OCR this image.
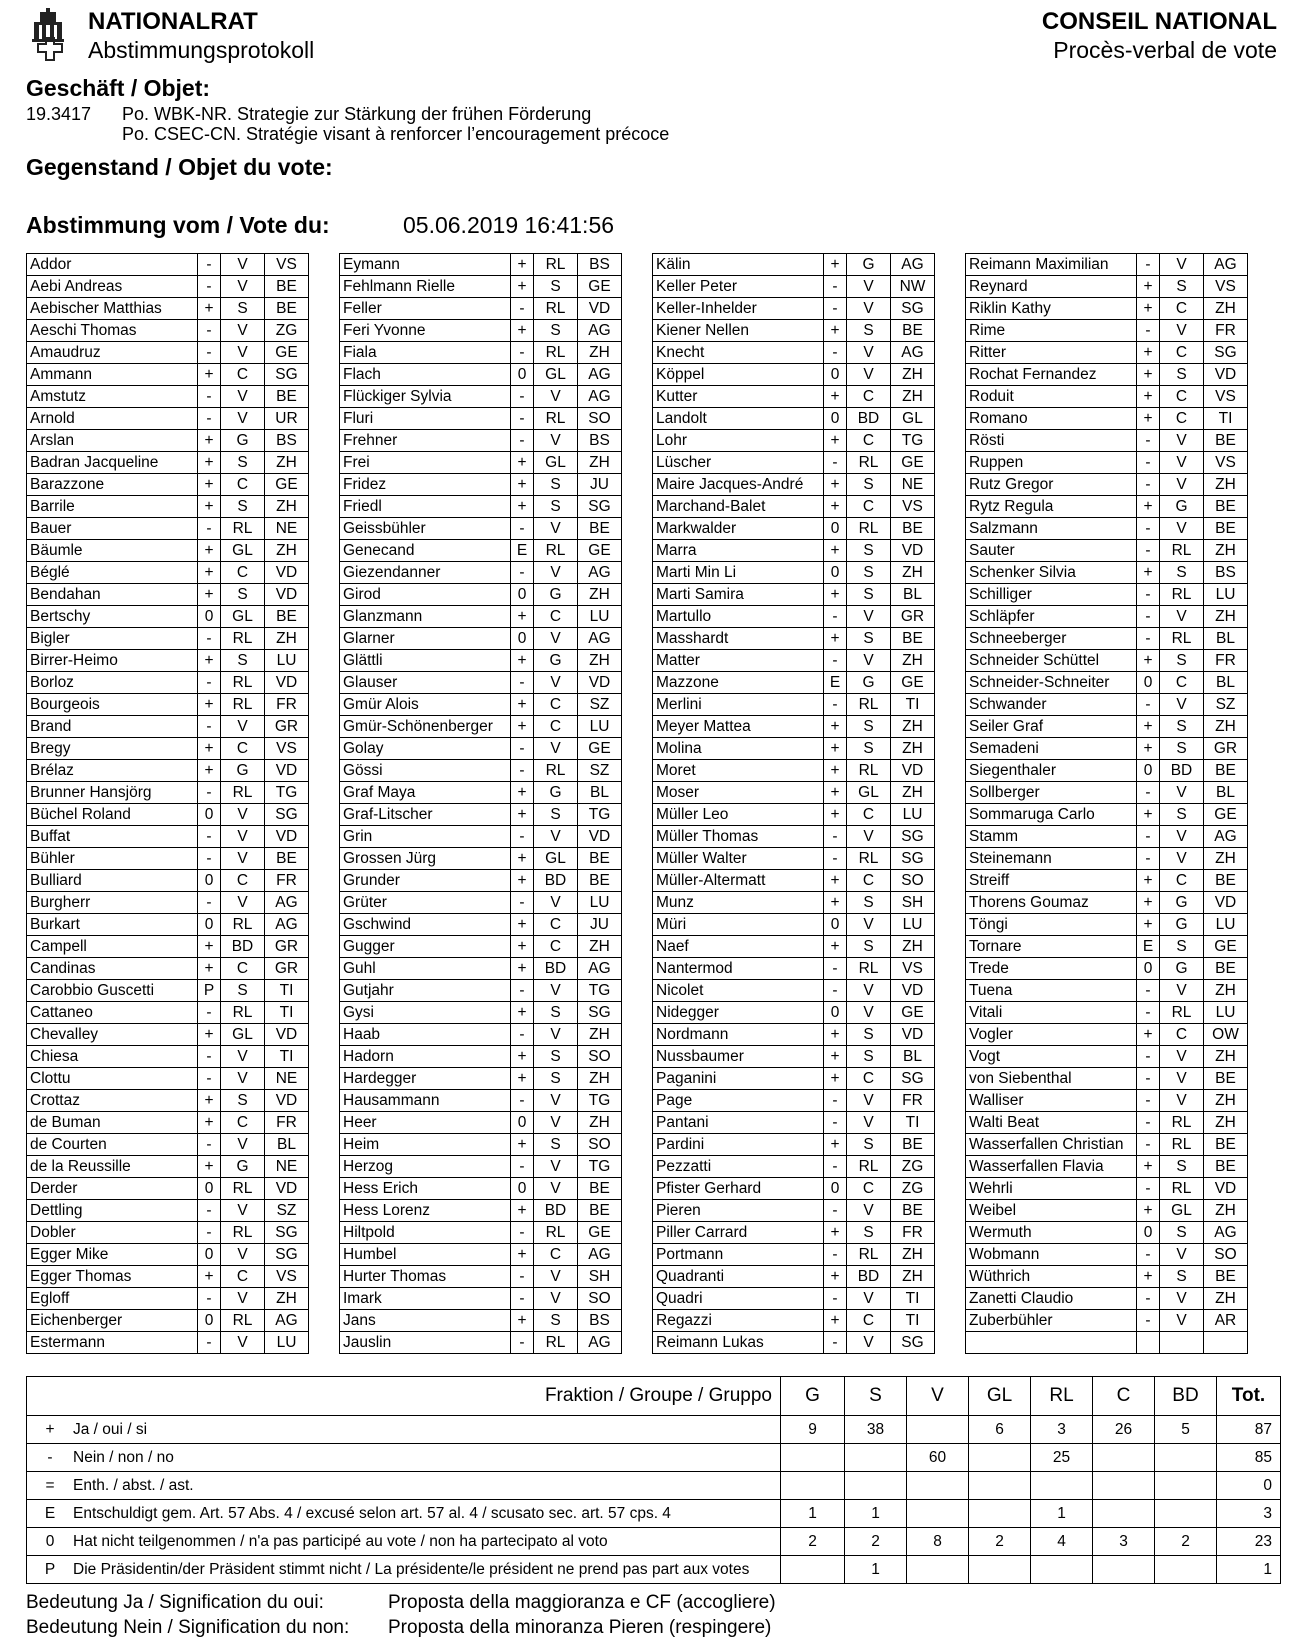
NATIONALRAT
Abstimmungsprotokoll
CONSEIL NATIONAL
Procès-verbal de vote
Geschäft / Objet:
19.3417 Po. WBK-NR. Strategie zur Stärkung der frühen Förderung
Po. CSEC-CN. Stratégie visant à renforcer l’encouragement précoce
Gegenstand / Objet du vote:
Abstimmung vom / Vote du:	05.06.2019 16:41:56
Addor	-	V	VS
Aebi Andreas	-	V	BE
Aebischer Matthias	+	S	BE
Aeschi Thomas	-	V	ZG
Amaudruz	-	V	GE
Ammann	+	C	SG
Amstutz	-	V	BE
Arnold	-	V	UR
Arslan	+	G	BS
Badran Jacqueline	+	S	ZH
Barazzone	+	C	GE
Barrile	+	S	ZH
Bauer	-	RL	NE
Bäumle	+	GL	ZH
Béglé	+	C	VD
Bendahan	+	S	VD
Bertschy	0	GL	BE
Bigler	-	RL	ZH
Birrer-Heimo	+	S	LU
Borloz	-	RL	VD
Bourgeois	+	RL	FR
Brand	-	V	GR
Bregy	+	C	VS
Brélaz	+	G	VD
Brunner Hansjörg	-	RL	TG
Büchel Roland	0	V	SG
Buffat	-	V	VD
Bühler	-	V	BE
Bulliard	0	C	FR
Burgherr	-	V	AG
Burkart	0	RL	AG
Campell	+	BD	GR
Candinas	+	C	GR
Carobbio Guscetti	P	S	TI
Cattaneo	-	RL	TI
Chevalley	+	GL	VD
Chiesa	-	V	TI
Clottu	-	V	NE
Crottaz	+	S	VD
de Buman	+	C	FR
de Courten	-	V	BL
de la Reussille	+	G	NE
Derder	0	RL	VD
Dettling	-	V	SZ
Dobler	-	RL	SG
Egger Mike	0	V	SG
Egger Thomas	+	C	VS
Egloff	-	V	ZH
Eichenberger	0	RL	AG
Estermann	-	V	LU
Eymann	+	RL	BS
Fehlmann Rielle	+	S	GE
Feller	-	RL	VD
Feri Yvonne	+	S	AG
Fiala	-	RL	ZH
Flach	0	GL	AG
Flückiger Sylvia	-	V	AG
Fluri	-	RL	SO
Frehner	-	V	BS
Frei	+	GL	ZH
Fridez	+	S	JU
Friedl	+	S	SG
Geissbühler	-	V	BE
Genecand	E	RL	GE
Giezendanner	-	V	AG
Girod	0	G	ZH
Glanzmann	+	C	LU
Glarner	0	V	AG
Glättli	+	G	ZH
Glauser	-	V	VD
Gmür Alois	+	C	SZ
Gmür-Schönenberger	+	C	LU
Golay	-	V	GE
Gössi	-	RL	SZ
Graf Maya	+	G	BL
Graf-Litscher	+	S	TG
Grin	-	V	VD
Grossen Jürg	+	GL	BE
Grunder	+	BD	BE
Grüter	-	V	LU
Gschwind	+	C	JU
Gugger	+	C	ZH
Guhl	+	BD	AG
Gutjahr	-	V	TG
Gysi	+	S	SG
Haab	-	V	ZH
Hadorn	+	S	SO
Hardegger	+	S	ZH
Hausammann	-	V	TG
Heer	0	V	ZH
Heim	+	S	SO
Herzog	-	V	TG
Hess Erich	0	V	BE
Hess Lorenz	+	BD	BE
Hiltpold	-	RL	GE
Humbel	+	C	AG
Hurter Thomas	-	V	SH
Imark	-	V	SO
Jans	+	S	BS
Jauslin	-	RL	AG
Kälin	+	G	AG
Keller Peter	-	V	NW
Keller-Inhelder	-	V	SG
Kiener Nellen	+	S	BE
Knecht	-	V	AG
Köppel	0	V	ZH
Kutter	+	C	ZH
Landolt	0	BD	GL
Lohr	+	C	TG
Lüscher	-	RL	GE
Maire Jacques-André	+	S	NE
Marchand-Balet	+	C	VS
Markwalder	0	RL	BE
Marra	+	S	VD
Marti Min Li	0	S	ZH
Marti Samira	+	S	BL
Martullo	-	V	GR
Masshardt	+	S	BE
Matter	-	V	ZH
Mazzone	E	G	GE
Merlini	-	RL	TI
Meyer Mattea	+	S	ZH
Molina	+	S	ZH
Moret	+	RL	VD
Moser	+	GL	ZH
Müller Leo	+	C	LU
Müller Thomas	-	V	SG
Müller Walter	-	RL	SG
Müller-Altermatt	+	C	SO
Munz	+	S	SH
Müri	0	V	LU
Naef	+	S	ZH
Nantermod	-	RL	VS
Nicolet	-	V	VD
Nidegger	0	V	GE
Nordmann	+	S	VD
Nussbaumer	+	S	BL
Paganini	+	C	SG
Page	-	V	FR
Pantani	-	V	TI
Pardini	+	S	BE
Pezzatti	-	RL	ZG
Pfister Gerhard	0	C	ZG
Pieren	-	V	BE
Piller Carrard	+	S	FR
Portmann	-	RL	ZH
Quadranti	+	BD	ZH
Quadri	-	V	TI
Regazzi	+	C	TI
Reimann Lukas	-	V	SG
Reimann Maximilian	-	V	AG
Reynard	+	S	VS
Riklin Kathy	+	C	ZH
Rime	-	V	FR
Ritter	+	C	SG
Rochat Fernandez	+	S	VD
Roduit	+	C	VS
Romano	+	C	TI
Rösti	-	V	BE
Ruppen	-	V	VS
Rutz Gregor	-	V	ZH
Rytz Regula	+	G	BE
Salzmann	-	V	BE
Sauter	-	RL	ZH
Schenker Silvia	+	S	BS
Schilliger	-	RL	LU
Schläpfer	-	V	ZH
Schneeberger	-	RL	BL
Schneider Schüttel	+	S	FR
Schneider-Schneiter	0	C	BL
Schwander	-	V	SZ
Seiler Graf	+	S	ZH
Semadeni	+	S	GR
Siegenthaler	0	BD	BE
Sollberger	-	V	BL
Sommaruga Carlo	+	S	GE
Stamm	-	V	AG
Steinemann	-	V	ZH
Streiff	+	C	BE
Thorens Goumaz	+	G	VD
Töngi	+	G	LU
Tornare	E	S	GE
Trede	0	G	BE
Tuena	-	V	ZH
Vitali	-	RL	LU
Vogler	+	C	OW
Vogt	-	V	ZH
von Siebenthal	-	V	BE
Walliser	-	V	ZH
Walti Beat	-	RL	ZH
Wasserfallen Christian	-	RL	BE
Wasserfallen Flavia	+	S	BE
Wehrli	-	RL	VD
Weibel	+	GL	ZH
Wermuth	0	S	AG
Wobmann	-	V	SO
Wüthrich	+	S	BE
Zanetti Claudio	-	V	ZH
Zuberbühler	-	V	AR

Fraktion / Groupe / Gruppo	G	S	V	GL	RL	C	BD	Tot.

+ Ja / oui / si	9	38		6	3	26	5	87

- Nein / non / no			60		25			85

= Enth. / abst. / ast.								0

E Entschuldigt gem. Art. 57 Abs. 4 / excusé selon art. 57 al. 4 / scusato sec. art. 57 cps. 4	1	1			1			3

0 Hat nicht teilgenommen / n'a pas participé au vote / non ha partecipato al voto	2	2	8	2	4	3	2	23

P Die Präsidentin/der Präsident stimmt nicht / La présidente/le président ne prend pas part aux votes		1						1
Bedeutung Ja / Signification du oui:	Proposta della maggioranza e CF (accogliere)
Bedeutung Nein / Signification du non: Proposta della minoranza Pieren (respingere)
